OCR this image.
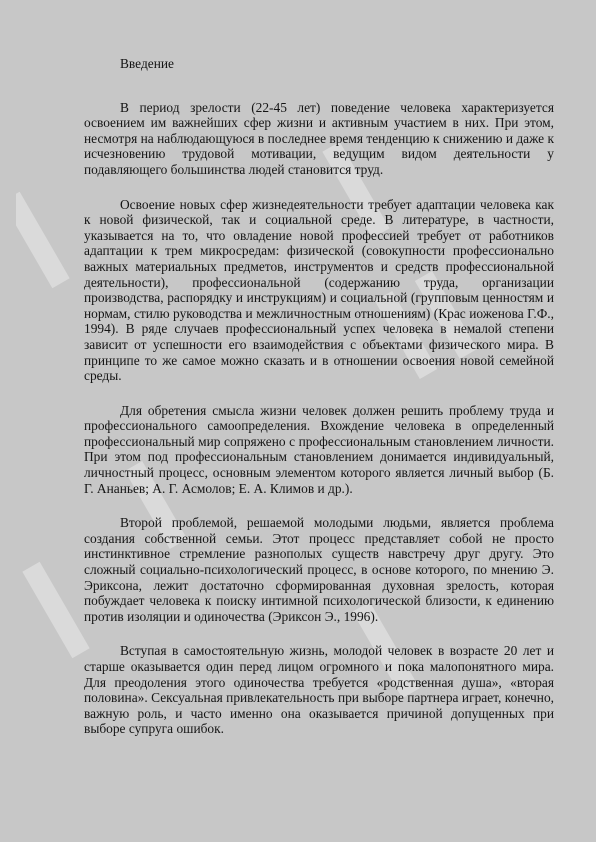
Введение

В период зрелости (22-45 лет) поведение человека характеризуется освоением им важнейших сфер жизни и активным участием в них. При этом, несмотря на наблюдающуюся в последнее время тенденцию к снижению и даже к исчезновению трудовой мотивации, ведущим видом деятельности у подавляющего большинства людей становится труд.

Освоение новых сфер жизнедеятельности требует адаптации человека как к новой физической, так и социальной среде. В литературе, в частности, указывается на то, что овладение новой профессией требует от работников адаптации к трем микросредам: физической (совокупности профессионально важных материальных предметов, инструментов и средств профессиональной деятельности), профессиональной (содержанию труда, организации производства, распорядку и инструкциям) и социальной (групповым ценностям и нормам, стилю руководства и межличностным отношениям) (Крас иоженова Г.Ф., 1994). В ряде случаев профессиональный успех человека в немалой степени зависит от успешности его взаимодействия с объектами физического мира. В принципе то же самое можно сказать и в отношении освоения новой семейной среды.

Для обретения смысла жизни человек должен решить проблему труда и профессионального самоопределения. Вхождение человека в определенный профессиональный мир сопряжено с профессиональным становлением личности. При этом под профессиональным становлением донимается индивидуальный, личностный процесс, основным элементом которого является личный выбор (Б. Г. Ананьев; А. Г. Асмолов; Е. А. Климов и др.).

Второй проблемой, решаемой молодыми людьми, является проблема создания собственной семьи. Этот процесс представляет собой не просто инстинктивное стремление разнополых существ навстречу друг другу. Это сложный социально-психологический процесс, в основе которого, по мнению Э. Эриксона, лежит достаточно сформированная духовная зрелость, которая побуждает человека к поиску интимной психологической близости, к единению против изоляции и одиночества (Эриксон Э., 1996).

Вступая в самостоятельную жизнь, молодой человек в возрасте 20 лет и старше оказывается один перед лицом огромного и пока малопонятного мира. Для преодоления этого одиночества требуется «родственная душа», «вторая половина». Сексуальная привлекательность при выборе партнера играет, конечно, важную роль, и часто именно она оказывается причиной допущенных при выборе супруга ошибок.
